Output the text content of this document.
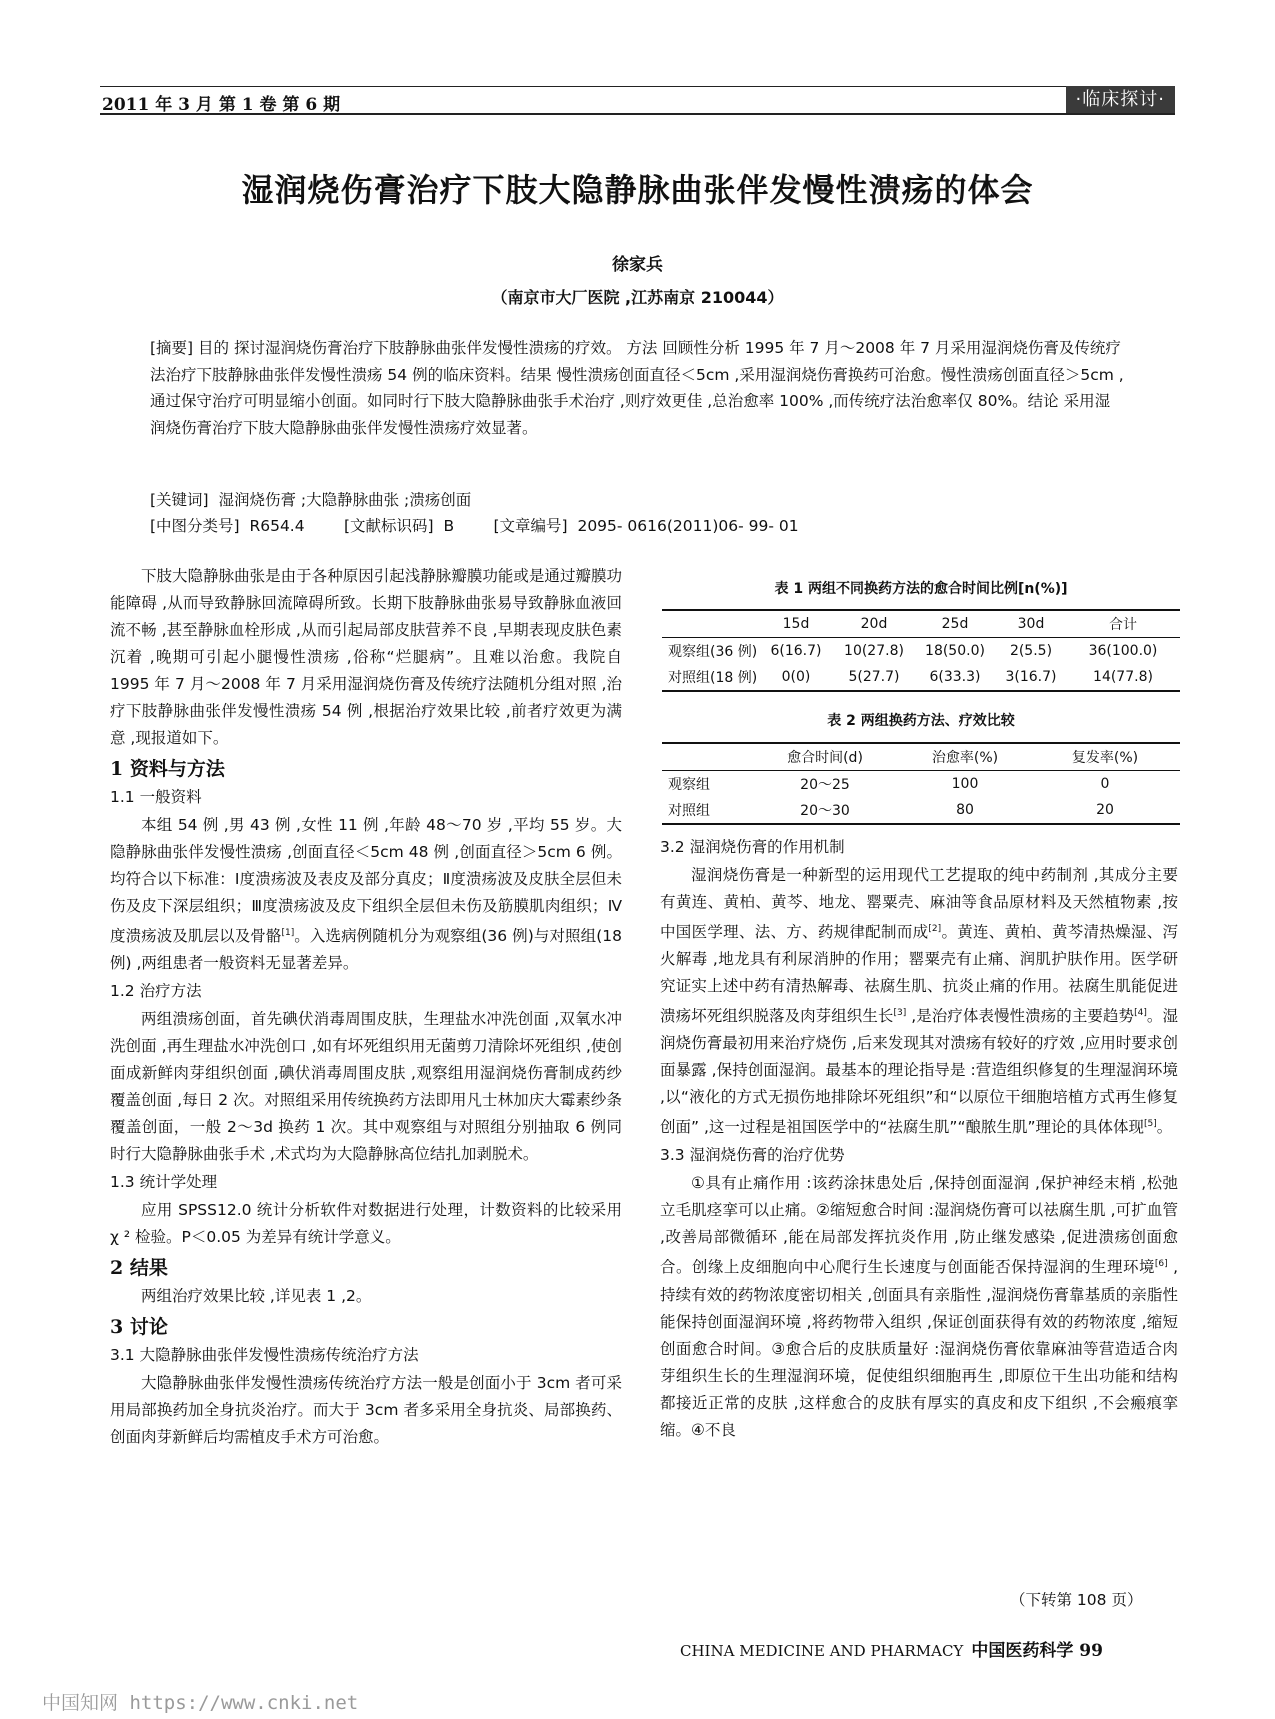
2011 年 3 月 第 1 卷 第 6 期	·临床探讨·
湿润烧伤膏治疗下肢大隐静脉曲张伴发慢性溃疡的体会
徐家兵
（南京市大厂医院 ,江苏南京 210044）
[摘要] 目的 探讨湿润烧伤膏治疗下肢静脉曲张伴发慢性溃疡的疗效。 方法 回顾性分析 1995 年 7 月～2008 年 7 月采用湿润烧伤膏及传统疗法治疗下肢静脉曲张伴发慢性溃疡 54 例的临床资料。结果 慢性溃疡创面直径＜5cm ,采用湿润烧伤膏换药可治愈。慢性溃疡创面直径＞5cm ,通过保守治疗可明显缩小创面。如同时行下肢大隐静脉曲张手术治疗 ,则疗效更佳 ,总治愈率 100% ,而传统疗法治愈率仅 80%。结论 采用湿润烧伤膏治疗下肢大隐静脉曲张伴发慢性溃疡疗效显著。
[关键词]  湿润烧伤膏 ;大隐静脉曲张 ;溃疡创面
[中图分类号]  R654.4        [文献标识码]  B        [文章编号]  2095- 0616(2011)06- 99- 01

下肢大隐静脉曲张是由于各种原因引起浅静脉瓣膜功能或是通过瓣膜功能障碍 ,从而导致静脉回流障碍所致。长期下肢静脉曲张易导致静脉血液回流不畅 ,甚至静脉血栓形成 ,从而引起局部皮肤营养不良 ,早期表现皮肤色素沉着 ,晚期可引起小腿慢性溃疡 ,俗称“烂腿病”。且难以治愈。我院自 1995 年 7 月～2008 年 7 月采用湿润烧伤膏及传统疗法随机分组对照 ,治疗下肢静脉曲张伴发慢性溃疡 54 例 ,根据治疗效果比较 ,前者疗效更为满意 ,现报道如下。

1 资料与方法
1.1 一般资料

本组 54 例 ,男 43 例 ,女性 11 例 ,年龄 48～70 岁 ,平均 55 岁。大隐静脉曲张伴发慢性溃疡 ,创面直径＜5cm 48 例 ,创面直径＞5cm 6 例。均符合以下标准：Ⅰ度溃疡波及表皮及部分真皮；Ⅱ度溃疡波及皮肤全层但未伤及皮下深层组织；Ⅲ度溃疡波及皮下组织全层但未伤及筋膜肌肉组织；Ⅳ度溃疡波及肌层以及骨骼[1]。入选病例随机分为观察组(36 例)与对照组(18 例) ,两组患者一般资料无显著差异。

1.2 治疗方法

两组溃疡创面，首先碘伏消毒周围皮肤，生理盐水冲洗创面 ,双氧水冲洗创面 ,再生理盐水冲洗创口 ,如有坏死组织用无菌剪刀清除坏死组织 ,使创面成新鲜肉芽组织创面 ,碘伏消毒周围皮肤 ,观察组用湿润烧伤膏制成药纱覆盖创面 ,每日 2 次。对照组采用传统换药方法即用凡士林加庆大霉素纱条覆盖创面，一般 2～3d 换药 1 次。其中观察组与对照组分别抽取 6 例同时行大隐静脉曲张手术 ,术式均为大隐静脉高位结扎加剥脱术。

1.3 统计学处理

应用 SPSS12.0 统计分析软件对数据进行处理，计数资料的比较采用 χ ² 检验。P＜0.05 为差异有统计学意义。

2 结果

两组治疗效果比较 ,详见表 1 ,2。

3 讨论
3.1 大隐静脉曲张伴发慢性溃疡传统治疗方法

大隐静脉曲张伴发慢性溃疡传统治疗方法一般是创面小于 3cm 者可采用局部换药加全身抗炎治疗。而大于 3cm 者多采用全身抗炎、局部换药、创面肉芽新鲜后均需植皮手术方可治愈。

表 1 两组不同换药方法的愈合时间比例[n(%)]
	15d	20d	25d	30d	合计
观察组(36 例)	6(16.7)	10(27.8)	18(50.0)	2(5.5)	36(100.0)
对照组(18 例)	0(0)	5(27.7)	6(33.3)	3(16.7)	14(77.8)
表 2 两组换药方法、疗效比较
	愈合时间(d)	治愈率(%)	复发率(%)
观察组	20～25	100	0
对照组	20～30	80	20
3.2 湿润烧伤膏的作用机制

湿润烧伤膏是一种新型的运用现代工艺提取的纯中药制剂 ,其成分主要有黄连、黄柏、黄芩、地龙、罂粟壳、麻油等食品原材料及天然植物素 ,按中国医学理、法、方、药规律配制而成[2]。黄连、黄柏、黄芩清热燥湿、泻火解毒 ,地龙具有利尿消肿的作用；罂粟壳有止痛、润肌护肤作用。医学研究证实上述中药有清热解毒、祛腐生肌、抗炎止痛的作用。祛腐生肌能促进溃疡坏死组织脱落及肉芽组织生长[3] ,是治疗体表慢性溃疡的主要趋势[4]。湿润烧伤膏最初用来治疗烧伤 ,后来发现其对溃疡有较好的疗效 ,应用时要求创面暴露 ,保持创面湿润。最基本的理论指导是 :营造组织修复的生理湿润环境 ,以“液化的方式无损伤地排除坏死组织”和“以原位干细胞培植方式再生修复创面” ,这一过程是祖国医学中的“祛腐生肌”“酿脓生肌”理论的具体体现[5]。

3.3 湿润烧伤膏的治疗优势

①具有止痛作用 :该药涂抹患处后 ,保持创面湿润 ,保护神经末梢 ,松弛立毛肌痉挛可以止痛。②缩短愈合时间 :湿润烧伤膏可以祛腐生肌 ,可扩血管 ,改善局部微循环 ,能在局部发挥抗炎作用 ,防止继发感染 ,促进溃疡创面愈合。创缘上皮细胞向中心爬行生长速度与创面能否保持湿润的生理环境[6] ,持续有效的药物浓度密切相关 ,创面具有亲脂性 ,湿润烧伤膏靠基质的亲脂性能保持创面湿润环境 ,将药物带入组织 ,保证创面获得有效的药物浓度 ,缩短创面愈合时间。③愈合后的皮肤质量好 :湿润烧伤膏依靠麻油等营造适合肉芽组织生长的生理湿润环境，促使组织细胞再生 ,即原位干生出功能和结构都接近正常的皮肤 ,这样愈合的皮肤有厚实的真皮和皮下组织 ,不会瘢痕挛缩。④不良

（下转第 108 页）
CHINA MEDICINE AND PHARMACY 中国医药科学 99
中国知网 https://www.cnki.net
